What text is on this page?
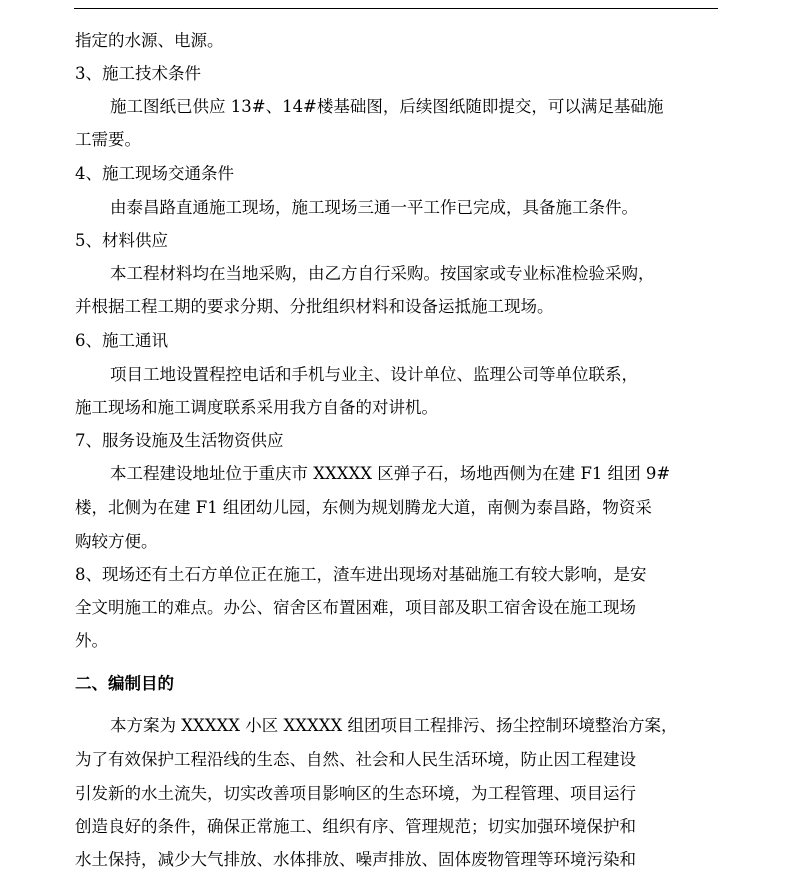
指定的水源、电源。
3、施工技术条件
施工图纸已供应 13#、14#楼基础图，后续图纸随即提交，可以满足基础施
工需要。
4、施工现场交通条件
由泰昌路直通施工现场，施工现场三通一平工作已完成，具备施工条件。
5、材料供应
本工程材料均在当地采购，由乙方自行采购。按国家或专业标准检验采购，
并根据工程工期的要求分期、分批组织材料和设备运抵施工现场。
6、施工通讯
项目工地设置程控电话和手机与业主、设计单位、监理公司等单位联系，
施工现场和施工调度联系采用我方自备的对讲机。
7、服务设施及生活物资供应
本工程建设地址位于重庆市 XXXXX 区弹子石，场地西侧为在建 F1 组团 9#
楼，北侧为在建 F1 组团幼儿园，东侧为规划腾龙大道，南侧为泰昌路，物资采
购较方便。
8、现场还有土石方单位正在施工，渣车进出现场对基础施工有较大影响，是安
全文明施工的难点。办公、宿舍区布置困难，项目部及职工宿舍设在施工现场
外。
二、编制目的
本方案为 XXXXX 小区 XXXXX 组团项目工程排污、扬尘控制环境整治方案，
为了有效保护工程沿线的生态、自然、社会和人民生活环境，防止因工程建设
引发新的水土流失，切实改善项目影响区的生态环境，为工程管理、项目运行
创造良好的条件，确保正常施工、组织有序、管理规范；切实加强环境保护和
水土保持，减少大气排放、水体排放、噪声排放、固体废物管理等环境污染和
